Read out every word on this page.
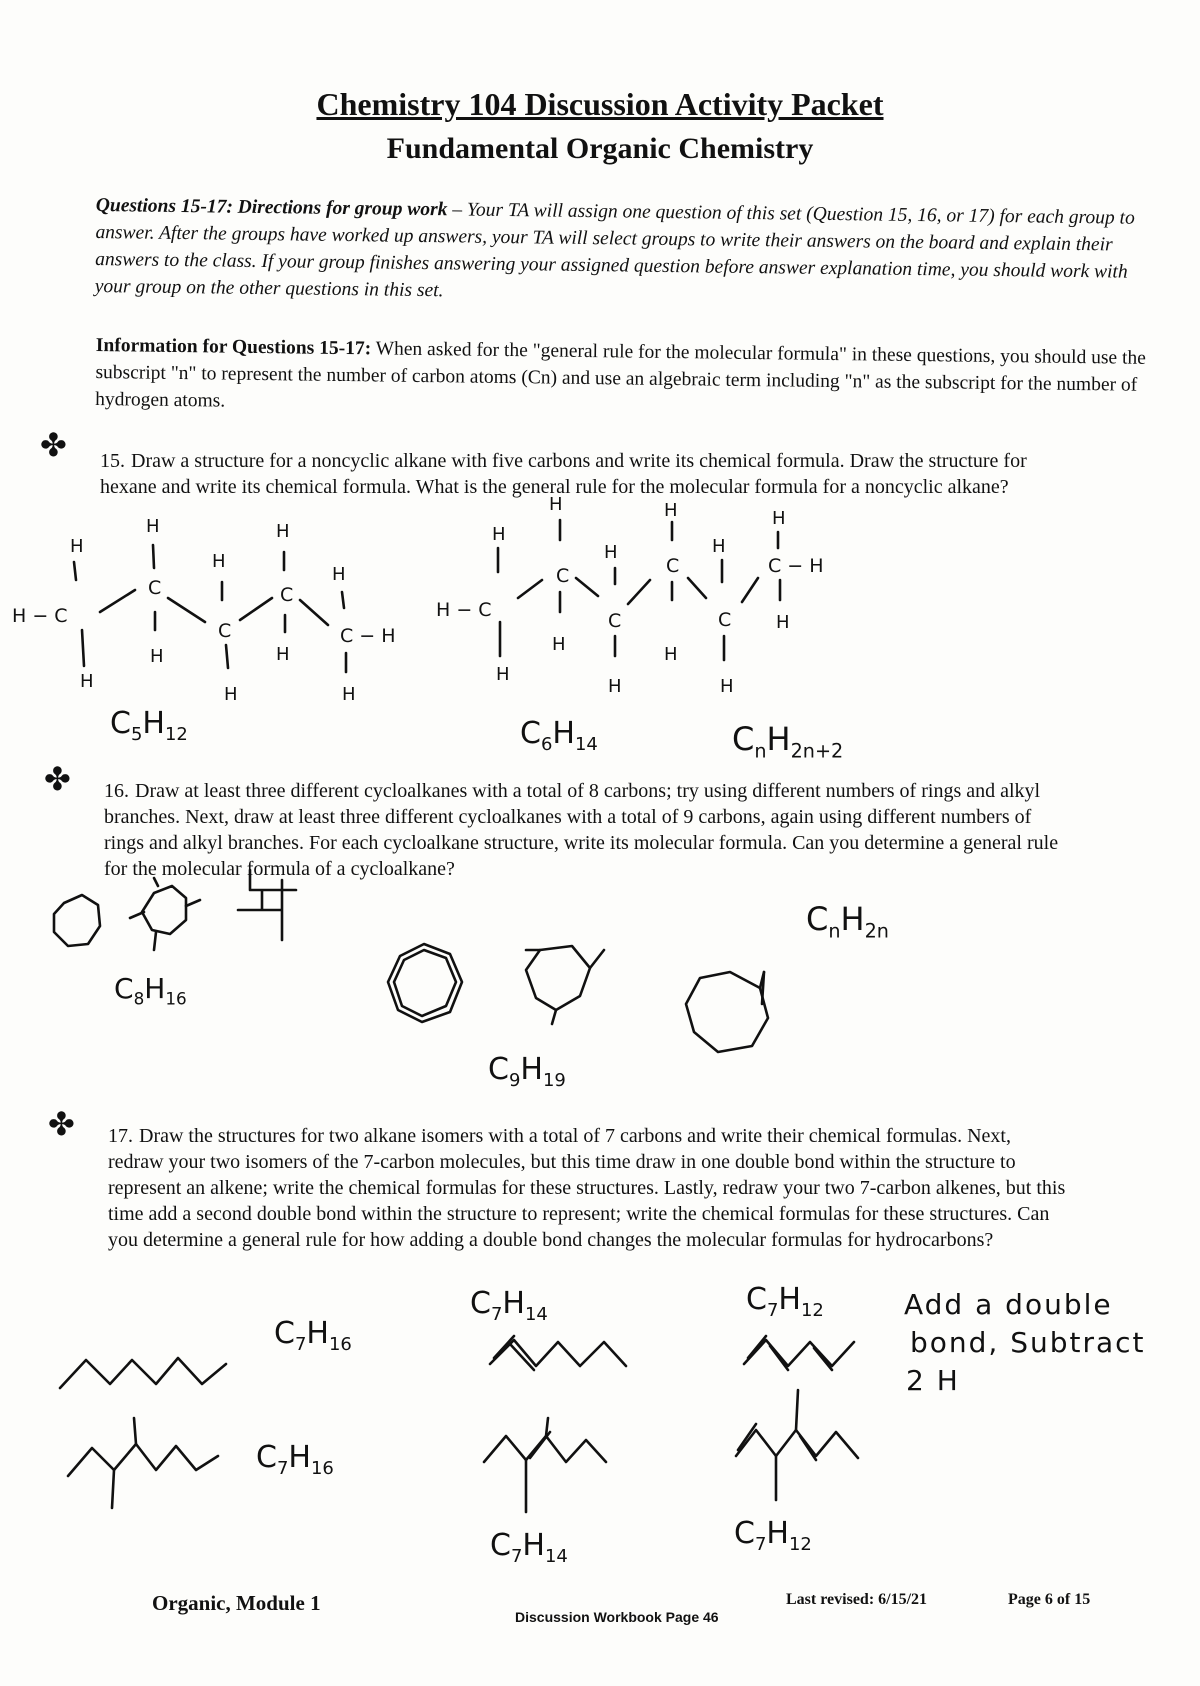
Chemistry 104 Discussion Activity Packet
Fundamental Organic Chemistry
Questions 15-17: Directions for group work – Your TA will assign one question of this set (Question 15, 16, or 17) for each group to answer. After the groups have worked up answers, your TA will select groups to write their answers on the board and explain their answers to the class. If your group finishes answering your assigned question before answer explanation time, you should work with your group on the other questions in this set.
Information for Questions 15-17: When asked for the "general rule for the molecular formula" in these questions, you should use the subscript "n" to represent the number of carbon atoms (Cn) and use an algebraic term including "n" as the subscript for the number of hydrogen atoms.
✤
✤
✤
15. Draw a structure for a noncyclic alkane with five carbons and write its chemical formula. Draw the structure for hexane and write its chemical formula. What is the general rule for the molecular formula for a noncyclic alkane?
16. Draw at least three different cycloalkanes with a total of 8 carbons; try using different numbers of rings and alkyl branches. Next, draw at least three different cycloalkanes with a total of 9 carbons, again using different numbers of rings and alkyl branches. For each cycloalkane structure, write its molecular formula. Can you determine a general rule for the molecular formula of a cycloalkane?
17. Draw the structures for two alkane isomers with a total of 7 carbons and write their chemical formulas. Next, redraw your two isomers of the 7-carbon molecules, but this time draw in one double bond within the structure to represent an alkene; write the chemical formulas for these structures. Lastly, redraw your two 7-carbon alkenes, but this time add a second double bond within the structure to represent; write the chemical formulas for these structures. Can you determine a general rule for how adding a double bond changes the molecular formulas for hydrocarbons?
H − C
H
H
C
H
H
C
H
H
C
H
H
C − H
H
H
H − C
H
H
C
H
H
C
H
H
C
H
H
C
H
H
C − H
H
H
$C_5H_{12}$	$C_6H_{14}$	$C_nH_{2n+2}$
$C_8H_{16}$
$C_9H_{19}$
$C_nH_{2n}$
$C_7H_{16}$
$C_7H_{16}$
$C_7H_{14}$
$C_7H_{14}$
$C_7H_{12}$
$C_7H_{12}$
Add a double
bond, Subtract
2 H
Organic, Module 1
Discussion Workbook Page 46
Last revised: 6/15/21	Page 6 of 15
